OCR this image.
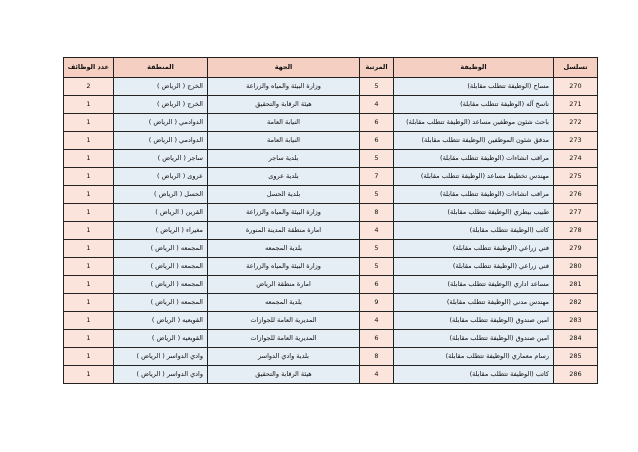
تسلسل	الوظيفة	المرتبة	الجهة	المنطقة	عدد الوظائف
270	مساح (الوظيفة تتطلب مقابلة)	5	وزارة البيئة والمياه والزراعة	الخرج ( الرياض )	2
271	ناسخ آله (الوظيفة تتطلب مقابلة)	4	هيئة الرقابة والتحقيق	الخرج ( الرياض )	1
272	باحث شئون موظفين مساعد (الوظيفة تتطلب مقابلة)	6	النيابة العامة	الدوادمي ( الرياض )	1
273	مدقق شئون الموظفين (الوظيفة تتطلب مقابلة)	6	النيابة العامة	الدوادمي ( الرياض )	1
274	مراقب انشاءات (الوظيفة تتطلب مقابلة)	5	بلدية ساجر	ساجر ( الرياض )	1
275	مهندس تخطيط مساعد (الوظيفة تتطلب مقابلة)	7	بلدية عروى	عروى ( الرياض )	1
276	مراقب انشاءات (الوظيفة تتطلب مقابلة)	5	بلدية الحسل	الحسل ( الرياض )	1
277	طبيب بيطري (الوظيفة تتطلب مقابلة)	8	وزارة البيئة والمياه والزراعة	القرين ( الرياض )	1
278	كاتب (الوظيفة تتطلب مقابلة)	4	امارة منطقة المدينة المنورة	مغيراء ( الرياض )	1
279	فني زراعي (الوظيفة تتطلب مقابلة)	5	بلدية المجمعه	المجمعه ( الرياض )	1
280	فني زراعي (الوظيفة تتطلب مقابلة)	5	وزارة البيئة والمياه والزراعة	المجمعه ( الرياض )	1
281	مساعد اداري (الوظيفة تتطلب مقابلة)	6	امارة منطقة الرياض	المجمعه ( الرياض )	1
282	مهندس مدني (الوظيفة تتطلب مقابلة)	9	بلدية المجمعه	المجمعه ( الرياض )	1
283	امين صندوق (الوظيفة تتطلب مقابلة)	4	المديرية العامة للجوازات	القويعيه ( الرياض )	1
284	امين صندوق (الوظيفة تتطلب مقابلة)	6	المديرية العامة للجوازات	القويعيه ( الرياض )	1
285	رسام معماري (الوظيفة تتطلب مقابلة)	8	بلدية وادي الدواسر	وادي الدواسر ( الرياض )	1
286	كاتب (الوظيفة تتطلب مقابلة)	4	هيئة الرقابة والتحقيق	وادي الدواسر ( الرياض )	1
